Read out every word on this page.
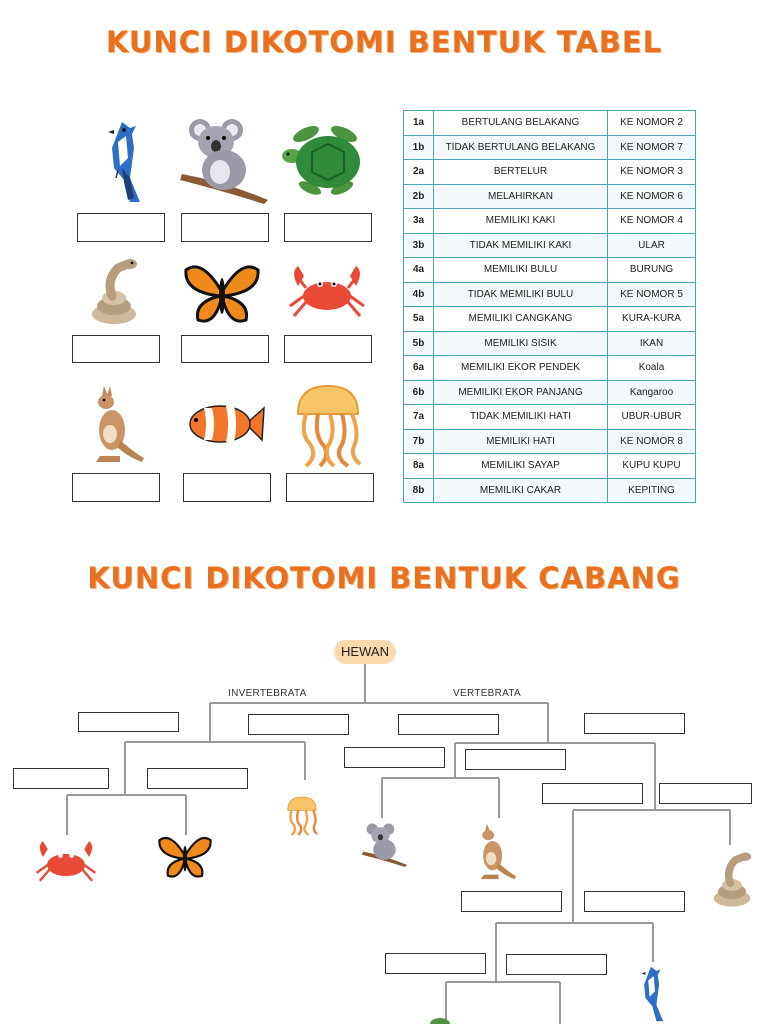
KUNCI DIKOTOMI BENTUK TABEL
KUNCI DIKOTOMI BENTUK CABANG
1a	BERTULANG BELAKANG	KE NOMOR 2
1b	TIDAK BERTULANG BELAKANG	KE NOMOR 7
2a	BERTELUR	KE NOMOR 3
2b	MELAHIRKAN	KE NOMOR 6
3a	MEMILIKI KAKI	KE NOMOR 4
3b	TIDAK MEMILIKI KAKI	ULAR
4a	MEMILIKI BULU	BURUNG
4b	TIDAK MEMILIKI BULU	KE NOMOR 5
5a	MEMILIKI CANGKANG	KURA-KURA
5b	MEMILIKI SISIK	IKAN
6a	MEMILIKI EKOR PENDEK	Koala
6b	MEMILIKI EKOR PANJANG	Kangaroo
7a	TIDAK MEMILIKI HATI	UBUR-UBUR
7b	MEMILIKI HATI	KE NOMOR 8
8a	MEMILIKI SAYAP	KUPU KUPU
8b	MEMILIKI CAKAR	KEPITING
HEWAN
INVERTEBRATA	VERTEBRATA
